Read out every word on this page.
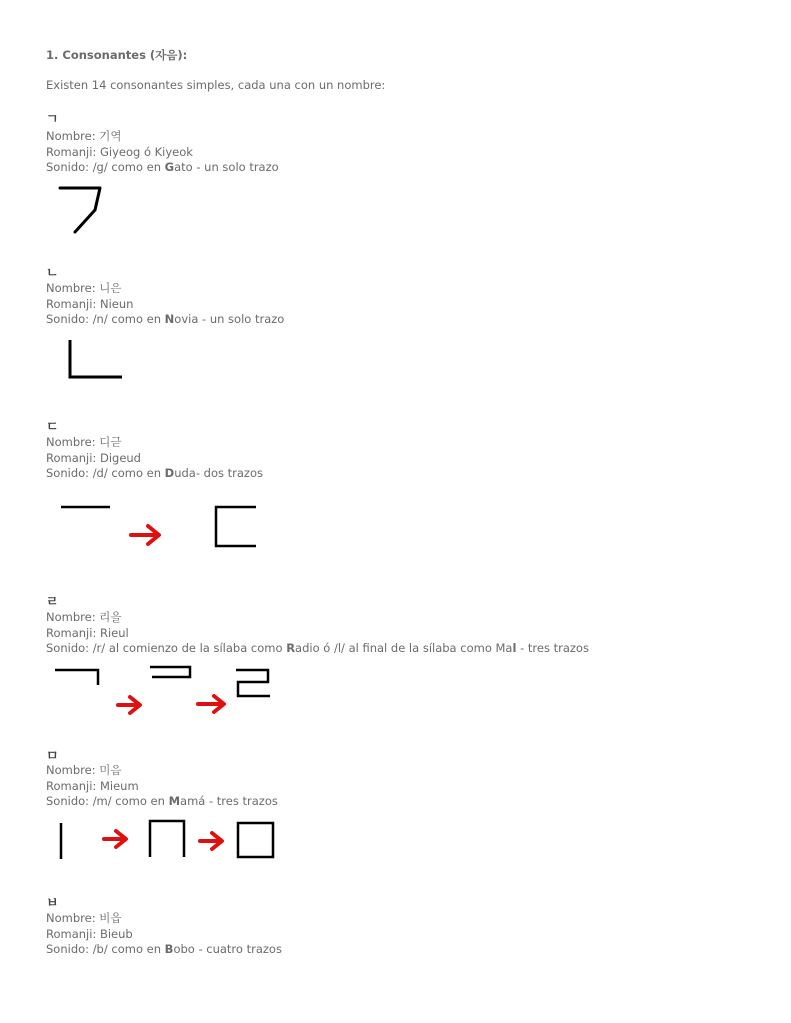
1. Consonantes (자음):
Existen 14 consonantes simples, cada una con un nombre:
ㄱ
Nombre: 기역
Romanji: Giyeog ó Kiyeok
Sonido: /g/ como en Gato - un solo trazo
ㄴ
Nombre: 니은
Romanji: Nieun
Sonido: /n/ como en Novia - un solo trazo
ㄷ
Nombre: 디귿
Romanji: Digeud
Sonido: /d/ como en Duda- dos trazos
ㄹ
Nombre: 리을
Romanji: Rieul
Sonido: /r/ al comienzo de la sílaba como Radio ó /l/ al final de la sílaba como Mal - tres trazos
ㅁ
Nombre: 미음
Romanji: Mieum
Sonido: /m/ como en Mamá - tres trazos
ㅂ
Nombre: 비읍
Romanji: Bieub
Sonido: /b/ como en Bobo - cuatro trazos
